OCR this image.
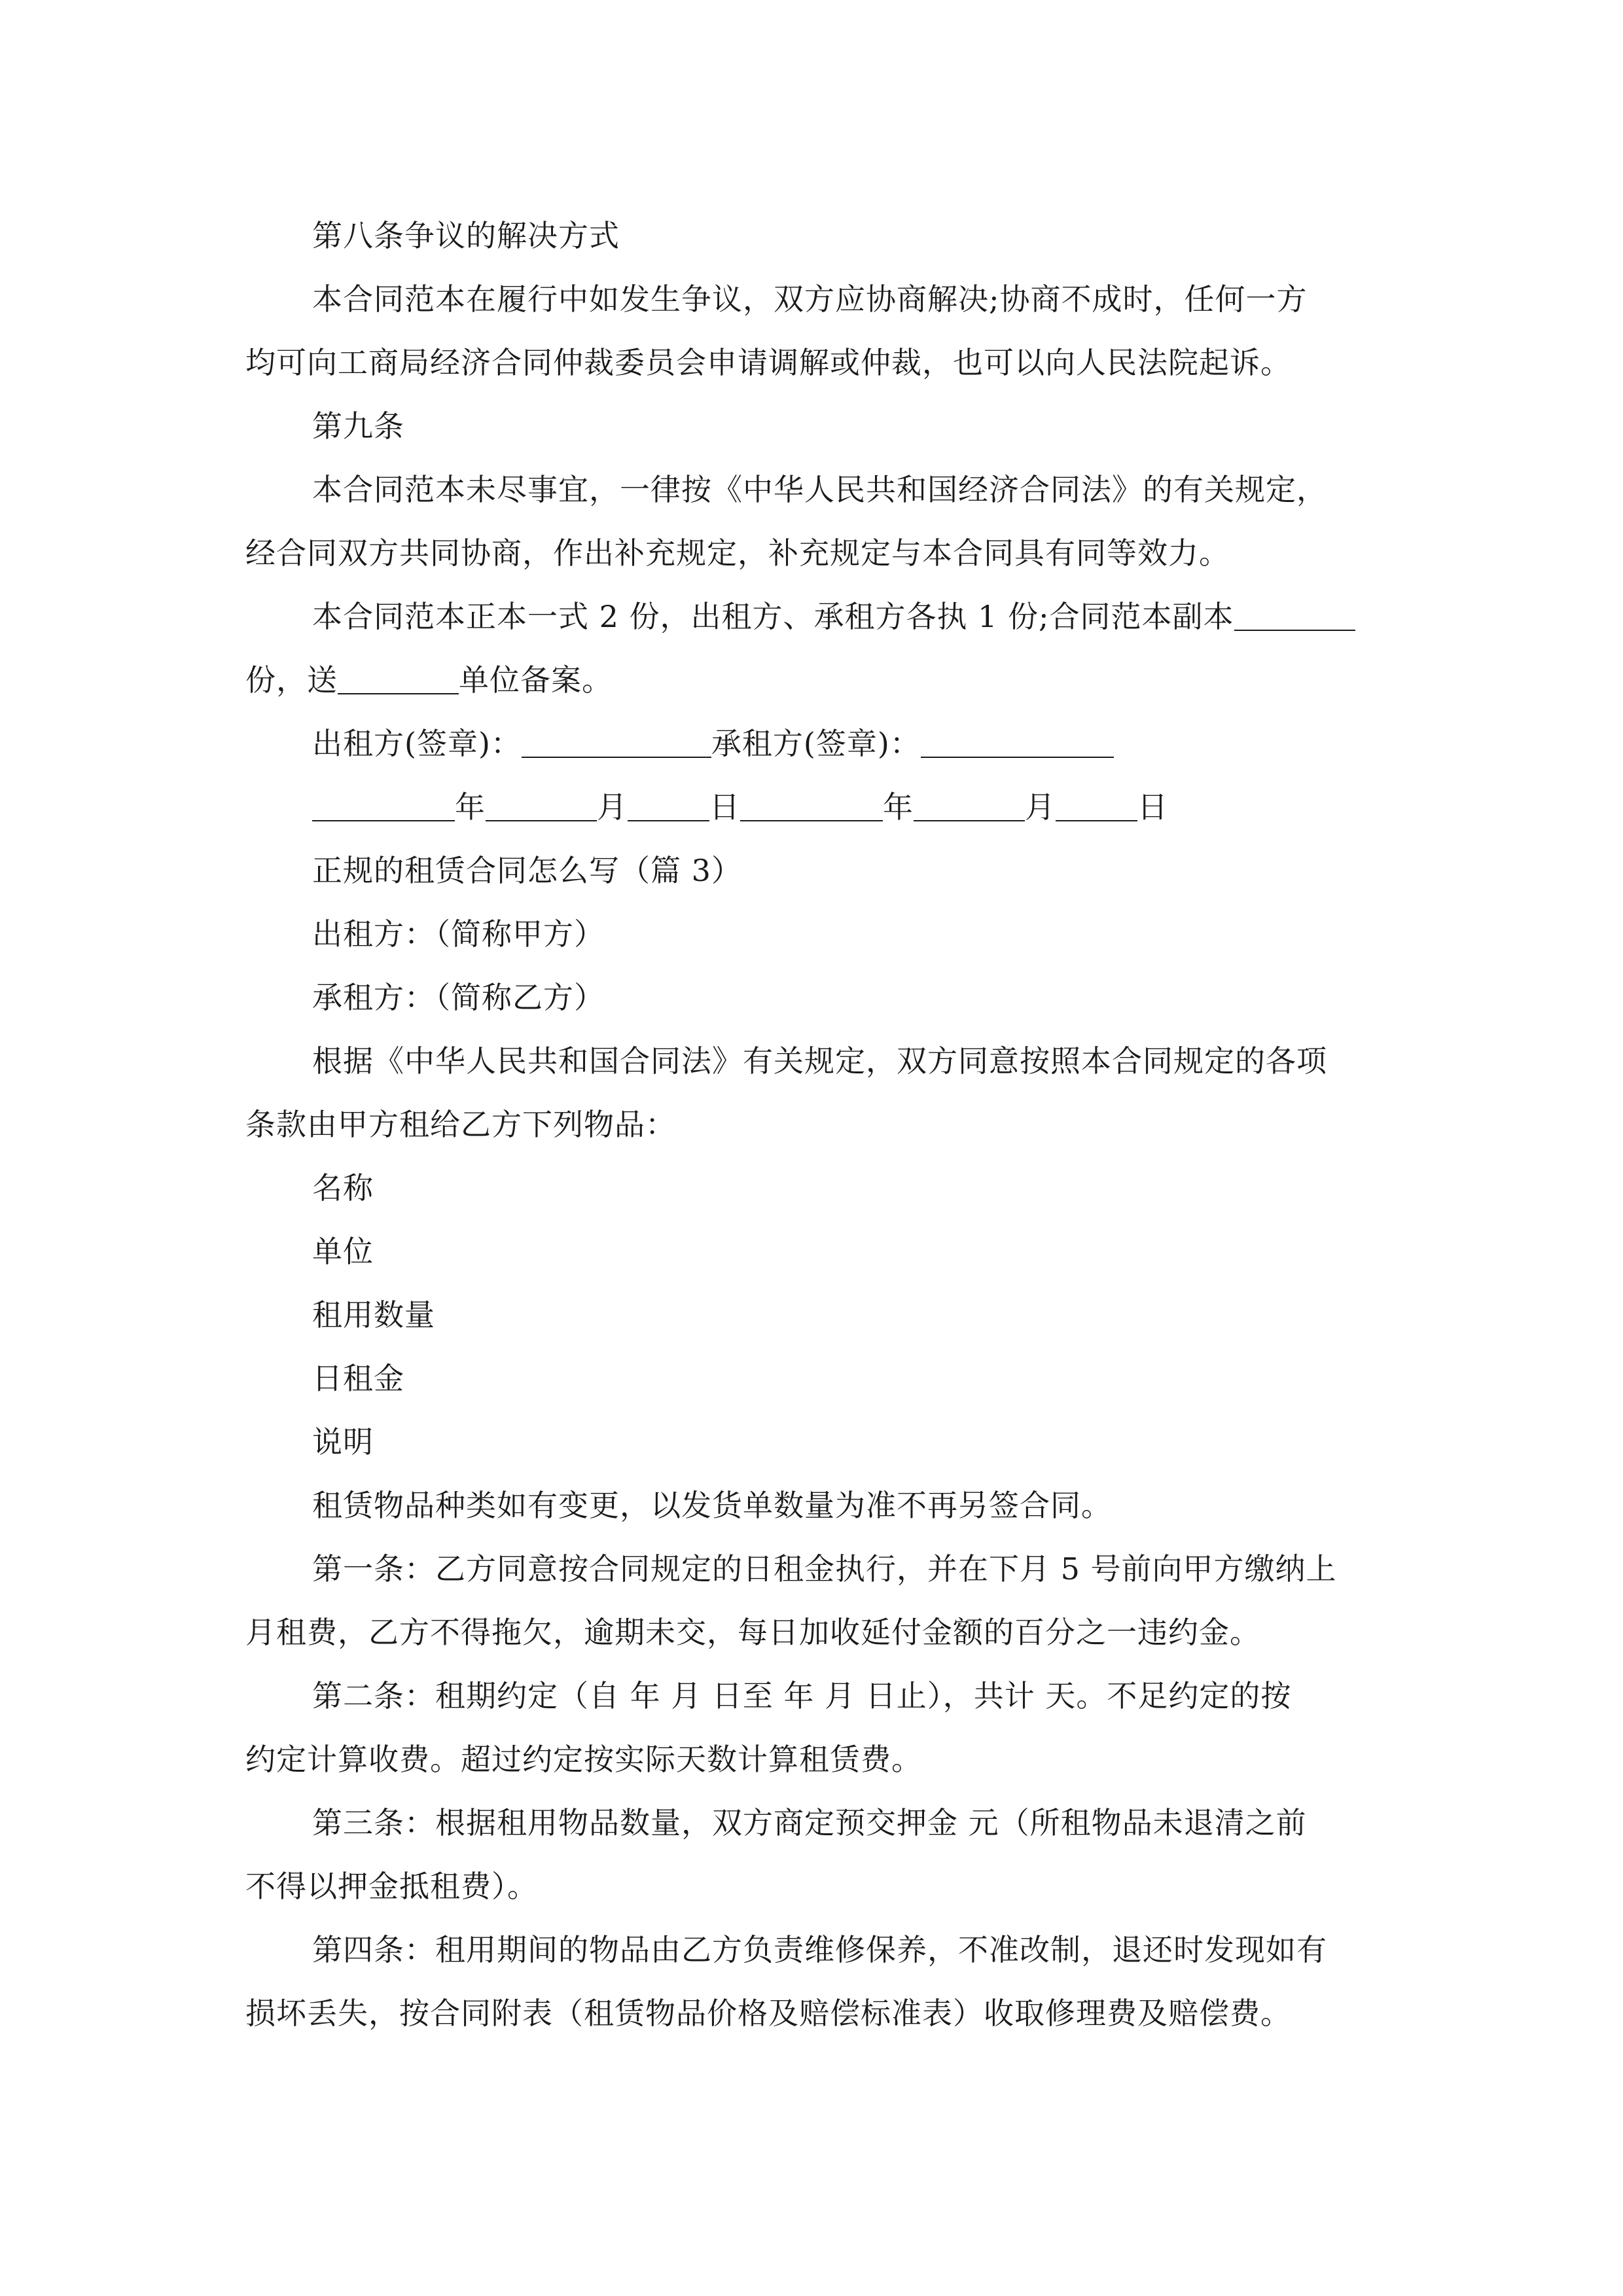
第八条争议的解决方式
本合同范本在履行中如发生争议，双方应协商解决;协商不成时，任何一方
均可向工商局经济合同仲裁委员会申请调解或仲裁，也可以向人民法院起诉。
第九条
本合同范本未尽事宜，一律按《中华人民共和国经济合同法》的有关规定，
经合同双方共同协商，作出补充规定，补充规定与本合同具有同等效力。
本合同范本正本一式 2 份，出租方、承租方各执 1 份;合同范本副本
份，送	单位备案。
出租方(签章)：	承租方(签章)：
年	月	日	年	月	日
正规的租赁合同怎么写（篇 3）
出租方：（简称甲方）
承租方：（简称乙方）
根据《中华人民共和国合同法》有关规定，双方同意按照本合同规定的各项
条款由甲方租给乙方下列物品：
名称
单位
租用数量
日租金
说明
租赁物品种类如有变更，以发货单数量为准不再另签合同。
第一条：乙方同意按合同规定的日租金执行，并在下月 5 号前向甲方缴纳上
月租费，乙方不得拖欠，逾期未交，每日加收延付金额的百分之一违约金。
第二条：租期约定（自 年 月 日至 年 月 日止），共计 天。不足约定的按
约定计算收费。超过约定按实际天数计算租赁费。
第三条：根据租用物品数量，双方商定预交押金 元（所租物品未退清之前
不得以押金抵租费）。
第四条：租用期间的物品由乙方负责维修保养，不准改制，退还时发现如有
损坏丢失，按合同附表（租赁物品价格及赔偿标准表）收取修理费及赔偿费。
